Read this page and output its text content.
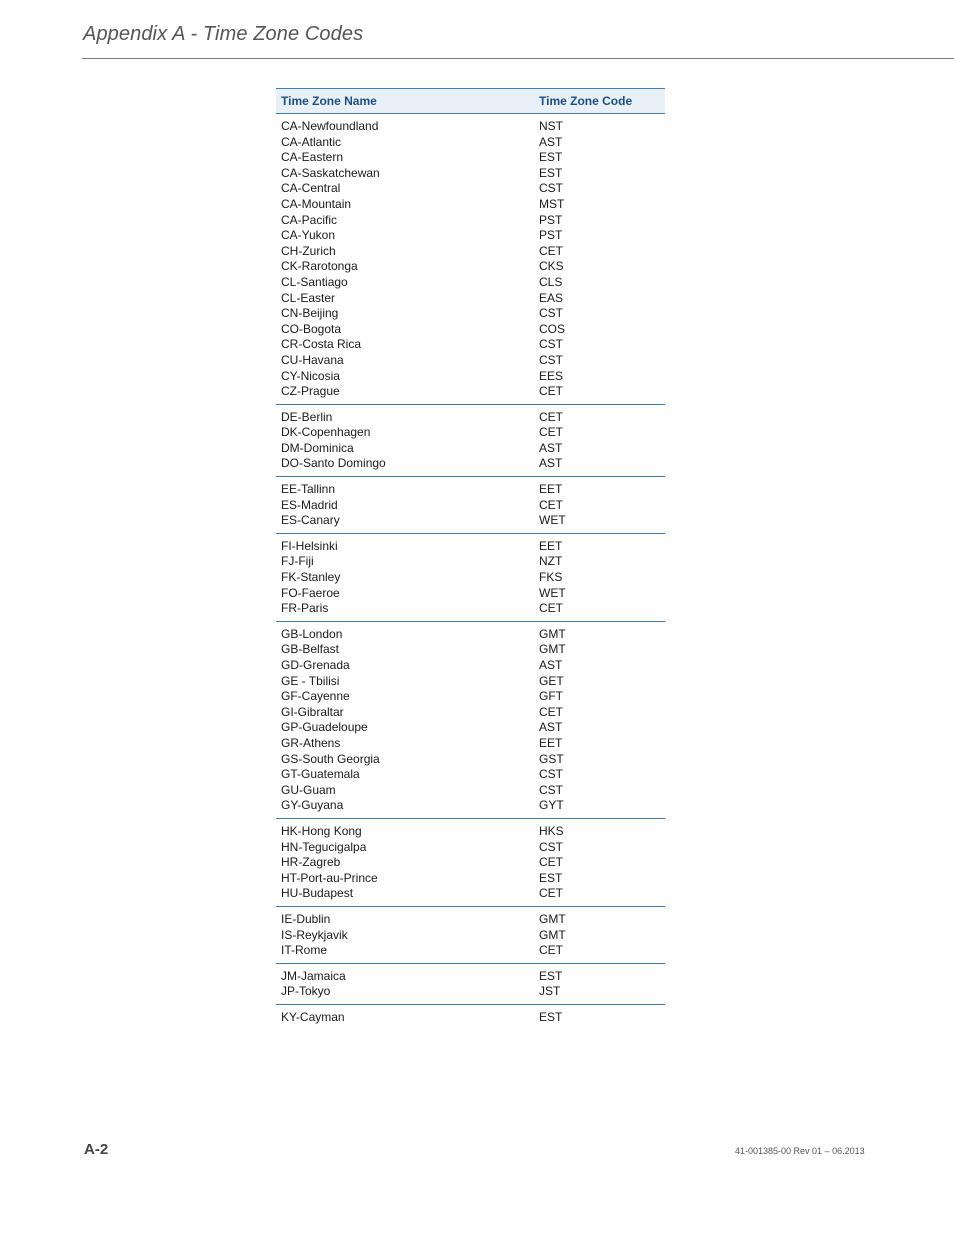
Appendix A - Time Zone Codes
Time Zone Name	Time Zone Code
CA-Newfoundland	NST
CA-Atlantic	AST
CA-Eastern	EST
CA-Saskatchewan	EST
CA-Central	CST
CA-Mountain	MST
CA-Pacific	PST
CA-Yukon	PST
CH-Zurich	CET
CK-Rarotonga	CKS
CL-Santiago	CLS
CL-Easter	EAS
CN-Beijing	CST
CO-Bogota	COS
CR-Costa Rica	CST
CU-Havana	CST
CY-Nicosia	EES
CZ-Prague	CET
DE-Berlin	CET
DK-Copenhagen	CET
DM-Dominica	AST
DO-Santo Domingo	AST
EE-Tallinn	EET
ES-Madrid	CET
ES-Canary	WET
FI-Helsinki	EET
FJ-Fiji	NZT
FK-Stanley	FKS
FO-Faeroe	WET
FR-Paris	CET
GB-London	GMT
GB-Belfast	GMT
GD-Grenada	AST
GE - Tbilisi	GET
GF-Cayenne	GFT
GI-Gibraltar	CET
GP-Guadeloupe	AST
GR-Athens	EET
GS-South Georgia	GST
GT-Guatemala	CST
GU-Guam	CST
GY-Guyana	GYT
HK-Hong Kong	HKS
HN-Tegucigalpa	CST
HR-Zagreb	CET
HT-Port-au-Prince	EST
HU-Budapest	CET
IE-Dublin	GMT
IS-Reykjavik	GMT
IT-Rome	CET
JM-Jamaica	EST
JP-Tokyo	JST
KY-Cayman	EST
A-2	41-001385-00 Rev 01 – 06.2013
